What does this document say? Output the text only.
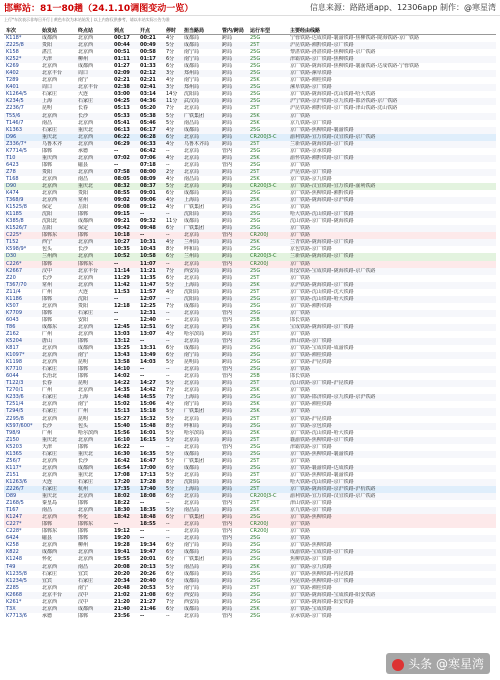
邯郸站：81一80趟（24.1.10调图变动一览）	信息来源：路路通app、12306app 制作：@寒星湾
上行*车次表示非每日开行 | 黄色车次为本站始发 | 以上内容仅供参考，请以车站实际公告为准
车次	始发站	终点站	到点	开点	停时	担当路局	管内/跨局	运行车型	主要经由线路
K118*	成都西	北京西	00:17	00:21	4分	成都局	跨局	25G	宁蓉铁路-达成铁路-襄渝铁路-焦柳铁路-陇海铁路-京广铁路
Z225/8	贵阳	北京西	00:44	00:49	5分	成都局	跨局	25T	沪昆铁路-湘黔铁路-京广铁路
K158	湛江	北京西	00:51	00:58	7分	南宁局	跨局	25G	黎湛铁路-洛湛铁路-焦柳铁路-京广铁路
K252*	天津	柳州	01:11	01:17	6分	南宁局	跨局	25G	津霸铁路-京广铁路-焦柳铁路
K269	北京西	成都西	01:27	01:33	6分	成都局	跨局	25G	京广铁路-陇海铁路-焦柳铁路-襄渝铁路-达成铁路-宁蓉铁路
K402	北京丰台	周口	02:09	02:12	3分	郑州局	跨局	25G	京广铁路-漯阜铁路
T289	北京西	南宁	02:21	02:21	4分	南宁局	跨局	25K	京广铁路-湘桂铁路
K401	周口	北京丰台	02:38	02:41	3分	郑州局	跨局	25G	漯阜铁路-京广铁路
K1264/5	石家庄	大连	03:00	03:14	14分	沈阳局	跨局	25G	京广铁路-陇海铁路-沈山铁路-哈大铁路
K234/5	上海	石家庄	04:25	04:36	11分	武汉局	跨局	25G	沪宁铁路-京沪铁路-京九铁路-邯济铁路-京广铁路
Z236/7	昆明	长春	05:13	05:20	7分	北京局	跨局	25T	沪昆铁路-湘黔铁路-京广铁路-津山铁路-沈山铁路
T55/6	北京西	长沙	05:33	05:38	5分	广铁集团	跨局	25K	京广铁路
T146/7	南昌	北京西	05:41	05:46	5分	南昌局	跨局	25K	京九铁路-京广铁路
K1363	石家庄	重庆北	06:13	06:17	4分	成都局	跨局	25G	京广铁路-焦柳铁路-襄渝铁路
D96	重庆北	北京西	06:22	06:28	6分	北京局	跨局	CR200J3-C	渝利铁路-宜万铁路-汉宜铁路-京广铁路
Z336/7*	乌鲁木齐	北京西	06:29	06:33	4分	乌鲁木齐局	跨局	25T	兰新铁路-陇海铁路-京广铁路
K7714/5	邯郸	承德	--	06:42	--	北京局	管内	25G	京广铁路-京承铁路
T10	重庆西	北京西	07:02	07:06	4分	北京局	跨局	25K	渝怀铁路-湘黔铁路-京广铁路
6423	邯郸	磁县	--	07:18	--	北京局	管内	25G	京广铁路
Z78	贵阳	北京西	07:58	08:00	2分	北京局	跨局	25T	沪昆铁路-京广铁路
T168	北京西	南昌	08:05	08:09	4分	南昌局	跨局	25K	京广铁路-京九铁路
D90	北京西	重庆北	08:32	08:37	5分	北京局	跨局	CR200J3-C	京广铁路-汉宜铁路-宜万铁路-渝利铁路
K474	北京西	贵阳	08:55	09:01	6分	成都局	跨局	25G	京广铁路-焦柳铁路-湘黔铁路
T368/9	北京西	常州	09:02	09:06	4分	上海局	跨局	25K	京广铁路-陇海铁路-京沪铁路
K1525/8	保定	岳阳	09:08	09:12	4分	广铁集团	跨局	25G	京广铁路
K1185	沈阳	邯郸	09:15	--	--	沈阳局	跨局	25G	哈大铁路-沈山铁路-京广铁路
K385/8	沈阳北	成都西	09:21	09:32	11分	成都局	跨局	25G	沈山铁路-京广铁路-陇海铁路
K1526/7	岳阳	保定	09:42	09:48	6分	广铁集团	跨局	25G	京广铁路
C225*	邯郸东	邯郸	10:18	--	--	北京局	管内	CR200J	京广铁路
T152	西宁	北京西	10:27	10:31	4分	兰州局	跨局	25K	兰青铁路-陇海铁路-京广铁路
K598/9*	包头	长沙	10:35	10:43	8分	呼和局	跨局	25G	京包铁路-京广铁路
D30	兰州西	北京西	10:52	10:58	6分	兰州局	跨局	CR200J3-C	兰新铁路-陇海铁路-京广铁路
C226*	邯郸	邯郸东	--	11:07	--	北京局	管内	CR200J	京广铁路
K2667	汉中	北京丰台	11:14	11:21	7分	西安局	跨局	25G	阳安铁路-宝成铁路-陇海铁路-京广铁路
Z20	长沙	北京西	11:29	11:35	6分	北京局	跨局	25T	京广铁路
T367/70	常州	北京西	11:42	11:47	5分	上海局	跨局	25K	京沪铁路-陇海铁路-京广铁路
Z11/4	广州	大连	11:53	11:57	4分	沈阳局	跨局	25T	京广铁路-沈山铁路-沈大铁路
K1186	邯郸	沈阳	--	12:07	--	沈阳局	跨局	25G	京广铁路-沈山铁路-哈大铁路
K507	北京西	贵阳	12:18	12:25	7分	成都局	跨局	25G	京广铁路-湘黔铁路
K7709	邯郸	石家庄	--	12:31	--	北京局	管内	25G	京广铁路
6043	邯郸	安阳	--	12:40	--	北京局	管内	25B	邯长铁路
T86	成都东	北京西	12:45	12:51	6分	北京局	跨局	25K	宝成铁路-陇海铁路-京广铁路
Z162	广州	北京西	13:03	13:07	4分	哈尔滨局	跨局	25T	京广铁路
K5204	唐山	邯郸	13:12	--	--	北京局	管内	25G	津山铁路-京广铁路
K817	北京西	成都西	13:25	13:31	6分	成都局	跨局	25G	京广铁路-宝成铁路-成渝铁路
K1097*	北京西	南宁	13:43	13:49	6分	南宁局	跨局	25G	京广铁路-湘桂铁路
K1198	北京西	昆明	13:58	14:03	5分	昆明局	跨局	25G	京广铁路-沪昆铁路
K7710	石家庄	邯郸	14:10	--	--	北京局	管内	25G	京广铁路
6044	长治北	邯郸	14:02	--	--	北京局	管内	25B	邯长铁路
T122/3	长春	昆明	14:22	14:27	5分	北京局	跨局	25T	沈山铁路-京广铁路-沪昆铁路
T270/1	广州	北京西	14:35	14:42	7分	北京局	跨局	25K	京广铁路
K233/6	石家庄	上海	14:48	14:55	7分	上海局	跨局	25G	京广铁路-邯济铁路-京九铁路-京沪铁路
T251/4	北京西	南宁	15:02	15:06	4分	南宁局	跨局	25K	京广铁路-湘桂铁路
T294/5	石家庄	广州	15:13	15:18	5分	广铁集团	跨局	25K	京广铁路
Z295/8	北京西	昆明	15:27	15:32	5分	北京局	跨局	25T	京广铁路-沪昆铁路
K597/600*	长沙	包头	15:40	15:48	8分	呼和局	跨局	25G	京广铁路-京包铁路
T98/9	广州	哈尔滨西	15:56	16:01	5分	哈尔滨局	跨局	25K	京广铁路-沈山铁路-哈大铁路
Z150	重庆北	北京西	16:10	16:15	5分	北京局	跨局	25T	襄渝铁路-焦柳铁路-京广铁路
K5203	天津	邯郸	16:22	--	--	北京局	管内	25G	津霸铁路-京广铁路
K1365	石家庄	重庆北	16:30	16:35	5分	成都局	跨局	25G	京广铁路-焦柳铁路-襄渝铁路
Z56/7	北京西	长沙	16:42	16:47	5分	广铁集团	跨局	25T	京广铁路
K117*	北京西	成都西	16:54	17:00	6分	成都局	跨局	25G	京广铁路-襄渝铁路-达成铁路
Z151	北京西	重庆北	17:08	17:13	5分	北京局	跨局	25T	京广铁路-焦柳铁路-襄渝铁路
K1263/6	大连	石家庄	17:20	17:28	8分	沈阳局	跨局	25G	哈大铁路-沈山铁路-京广铁路
Z226/7	石家庄	杭州	17:35	17:40	5分	上海局	跨局	25T	京广铁路-陇海铁路-京沪铁路-沪杭铁路
D89	重庆北	北京西	18:02	18:08	6分	北京局	跨局	CR200J3-C	渝利铁路-宜万铁路-汉宜铁路-京广铁路
Z168/5	秦皇岛	邯郸	18:22	--	--	北京局	管内	25T	津山铁路-京广铁路
T167	南昌	北京西	18:30	18:35	5分	南昌局	跨局	25K	京九铁路-京广铁路
K1247	北京西	怀化	18:42	18:48	6分	广铁集团	跨局	25G	京广铁路-焦柳铁路
C227*	邯郸	邯郸东	--	18:55	--	北京局	管内	CR200J	京广铁路
C228*	邯郸东	邯郸	19:12	--	--	北京局	管内	CR200J	京广铁路
6424	磁县	邯郸	19:20	--	--	北京局	管内	25G	京广铁路
K258	北京西	柳州	19:28	19:34	6分	南宁局	跨局	25G	京广铁路-焦柳铁路
K822	成都西	北京西	19:41	19:47	6分	成都局	跨局	25G	成渝铁路-宝成铁路-京广铁路
K1248	怀化	北京西	19:55	20:01	6分	广铁集团	跨局	25G	焦柳铁路-京广铁路
T49	北京西	南昌	20:08	20:13	5分	南昌局	跨局	25K	京广铁路-京九铁路
K1235/8	石家庄	宜宾	20:20	20:26	6分	成都局	跨局	25G	京广铁路-焦柳铁路-内昆铁路
K1234/5	宜宾	石家庄	20:34	20:40	6分	成都局	跨局	25G	内昆铁路-焦柳铁路-京广铁路
Z285	北京西	南宁	20:48	20:53	5分	南宁局	跨局	25T	京广铁路-湘桂铁路
K2668	北京丰台	汉中	21:02	21:08	6分	西安局	跨局	25G	京广铁路-陇海铁路-宝成铁路-阳安铁路
K261*	北京西	汉中	21:20	21:27	7分	西安局	跨局	25G	京广铁路-陇海铁路-阳安铁路
T3X	北京西	成都西	21:40	21:46	6分	成都局	跨局	25K	京广铁路-宝成铁路
K7713/6	承德	邯郸	23:56	--	--	北京局	管内	25G	京承铁路-京广铁路
头条 @寒星湾
